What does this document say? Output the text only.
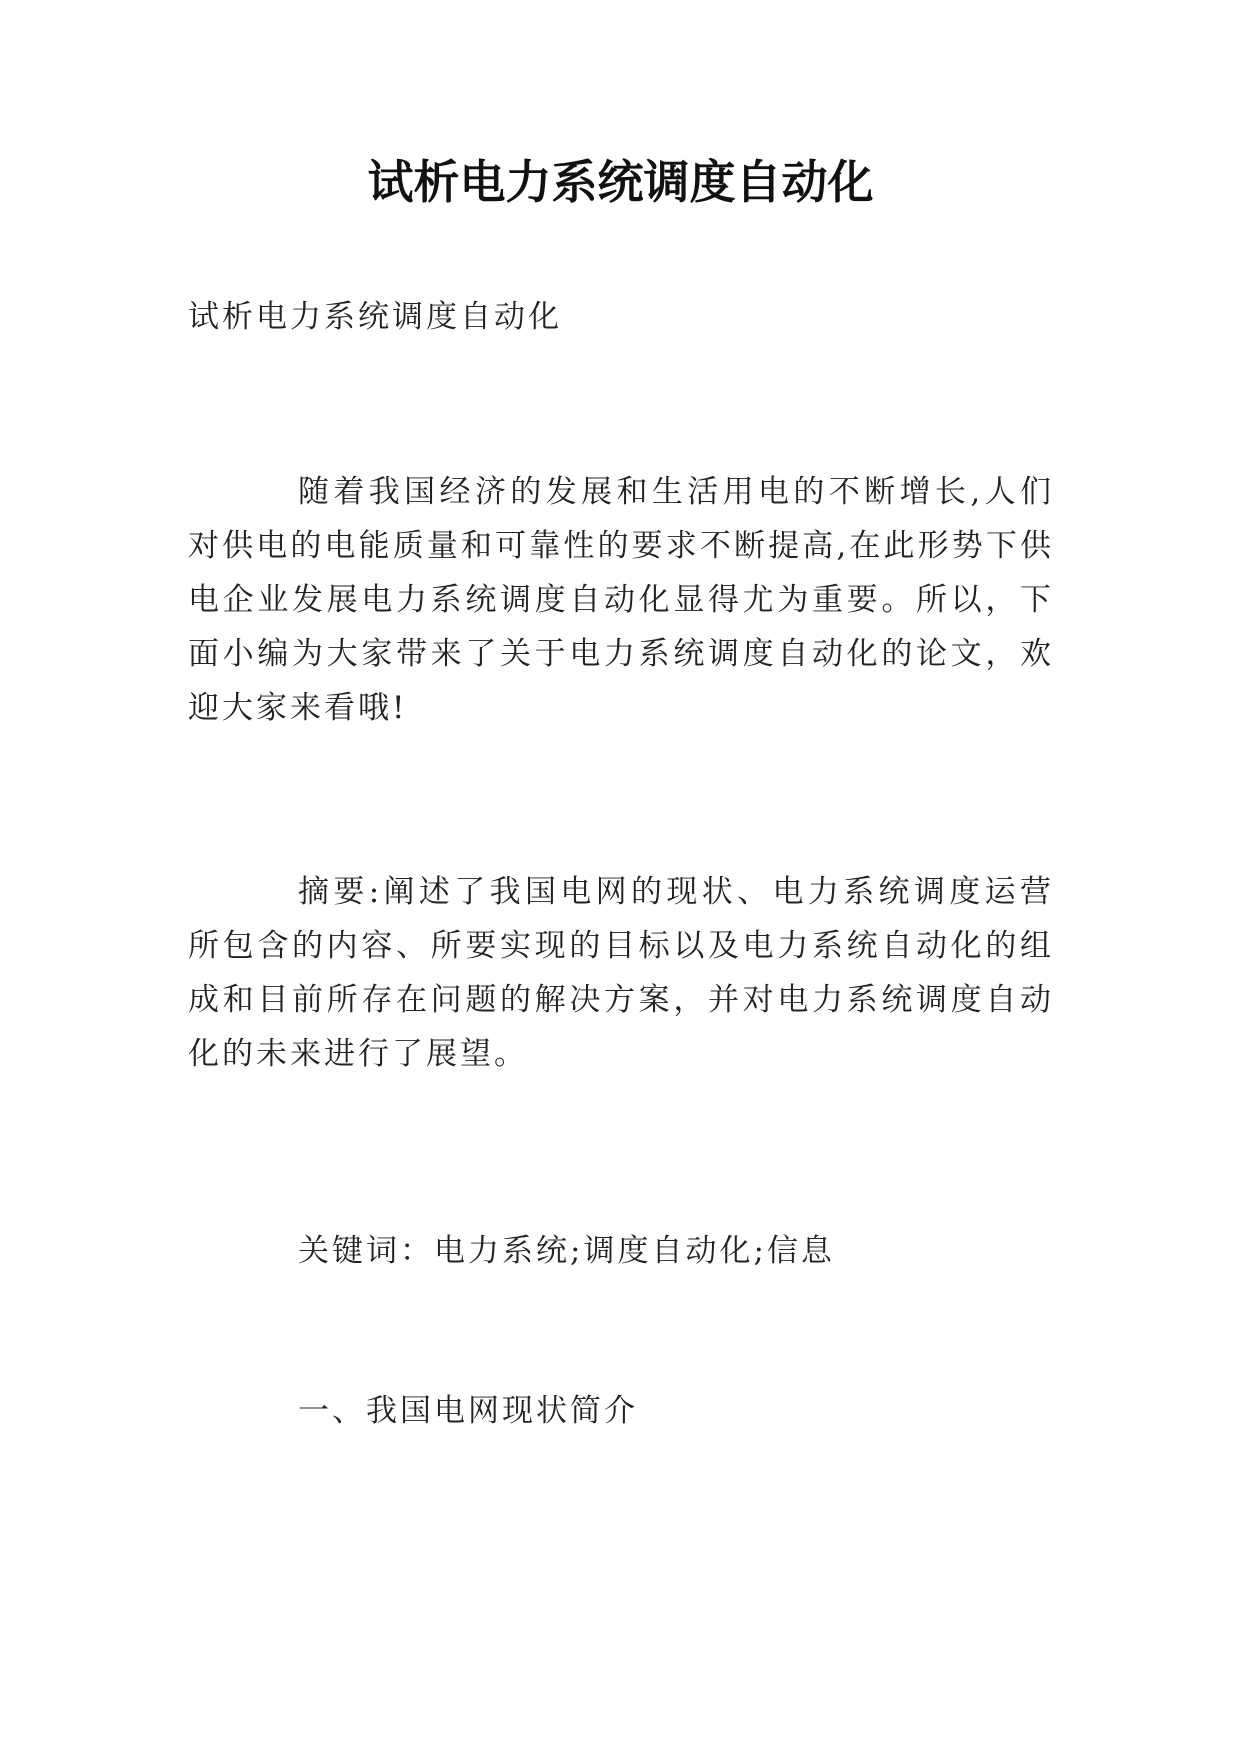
试析电力系统调度自动化

试析电力系统调度自动化

随着我国经济的发展和生活用电的不断增长,人们对供电的电能质量和可靠性的要求不断提高,在此形势下供电企业发展电力系统调度自动化显得尤为重要。所以，下面小编为大家带来了关于电力系统调度自动化的论文，欢迎大家来看哦!

摘要:阐述了我国电网的现状、电力系统调度运营所包含的内容、所要实现的目标以及电力系统自动化的组成和目前所存在问题的解决方案，并对电力系统调度自动化的未来进行了展望。

关键词：电力系统;调度自动化;信息

一、我国电网现状简介
